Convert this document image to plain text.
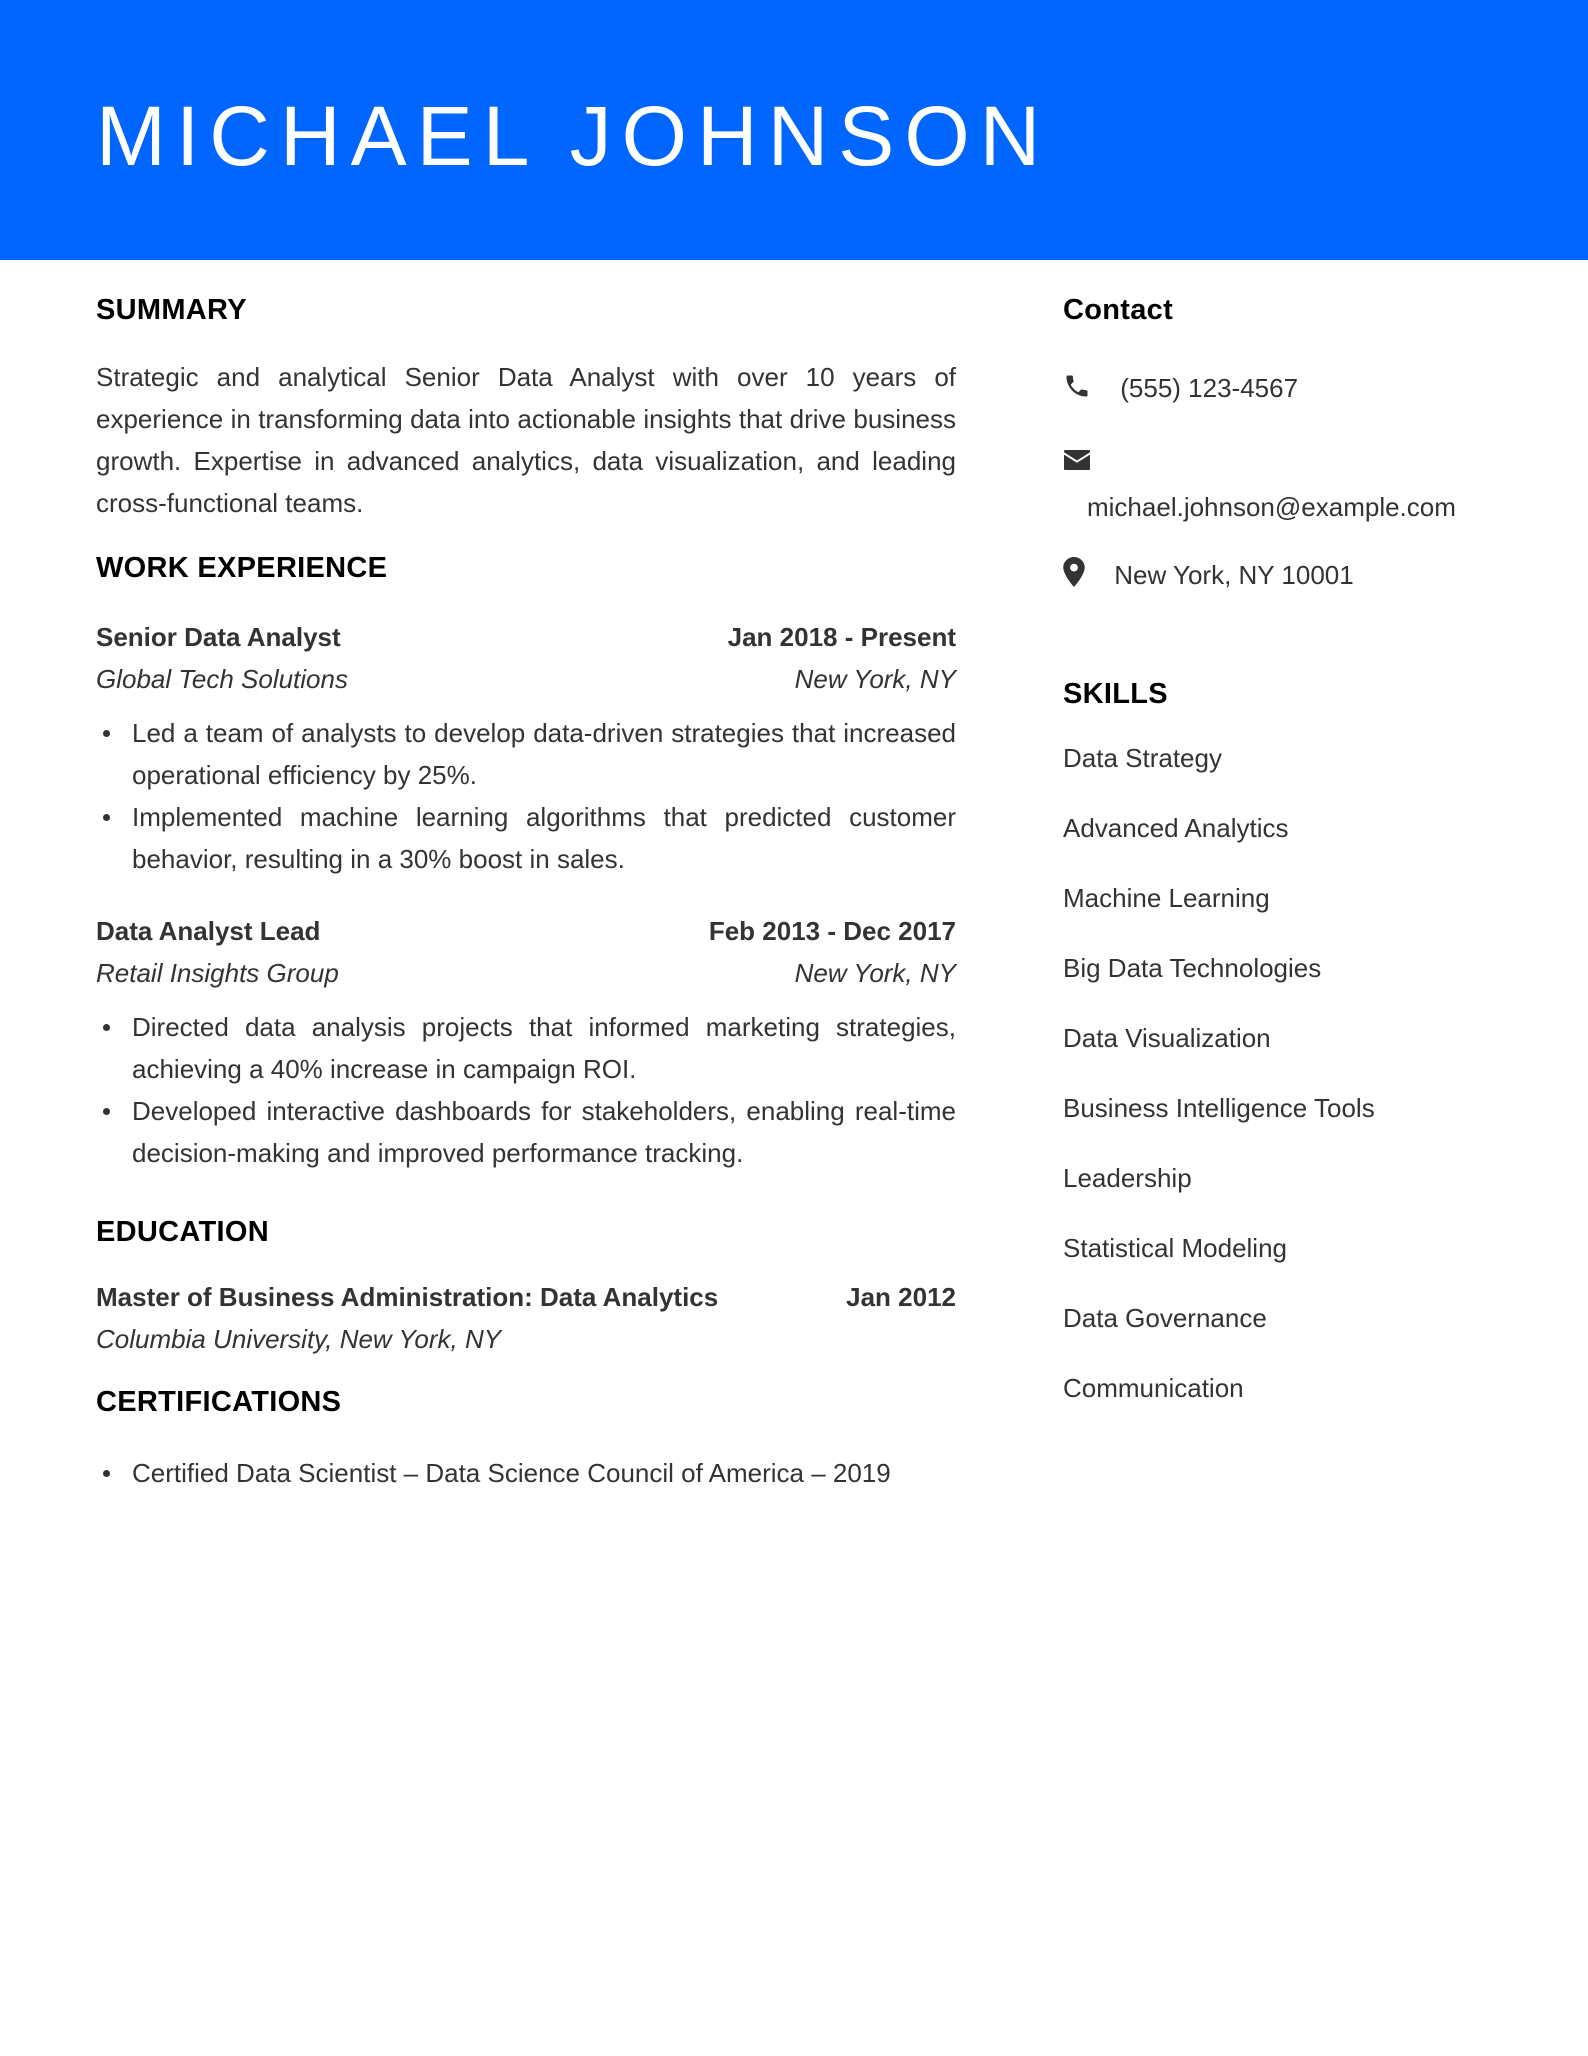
MICHAEL JOHNSON
SUMMARY

Strategic and analytical Senior Data Analyst with over 10 years of experience in transforming data into actionable insights that drive business growth. Expertise in advanced analytics, data visualization, and leading cross-functional teams.

WORK EXPERIENCE
Senior Data Analyst	Jan 2018 - Present
Global Tech Solutions	New York, NY
Led a team of analysts to develop data-driven strategies that increased operational efficiency by 25%.
Implemented machine learning algorithms that predicted customer behavior, resulting in a 30% boost in sales.
Data Analyst Lead	Feb 2013 - Dec 2017
Retail Insights Group	New York, NY
Directed data analysis projects that informed marketing strategies, achieving a 40% increase in campaign ROI.
Developed interactive dashboards for stakeholders, enabling real-time decision-making and improved performance tracking.
EDUCATION
Master of Business Administration: Data Analytics	Jan 2012
Columbia University, New York, NY
CERTIFICATIONS
Certified Data Scientist – Data Science Council of America – 2019
Contact
(555) 123-4567
michael.johnson@example.com
New York, NY 10001
SKILLS
Data Strategy
Advanced Analytics
Machine Learning
Big Data Technologies
Data Visualization
Business Intelligence Tools
Leadership
Statistical Modeling
Data Governance
Communication
